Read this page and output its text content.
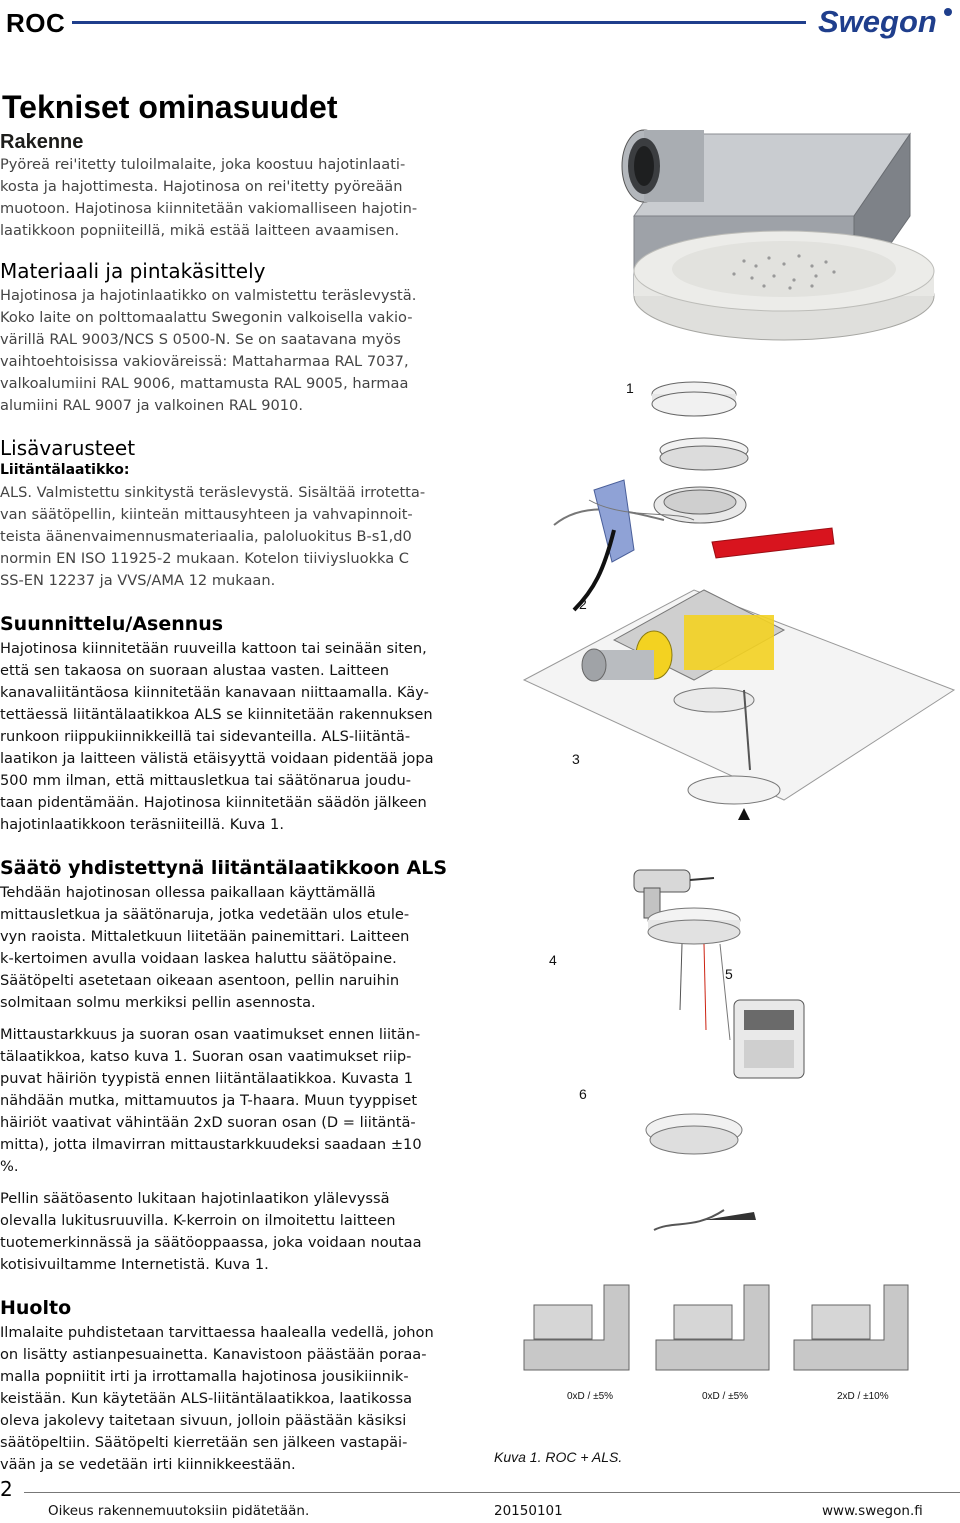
ROC	Swegon
Tekniset ominasuudet
Rakenne
Pyöreä rei'itetty tuloilmalaite, joka koostuu hajotinlaati-
kosta ja hajottimesta. Hajotinosa on rei'itetty pyöreään
muotoon. Hajotinosa kiinnitetään vakiomalliseen hajotin-
laatikkoon popniiteillä, mikä estää laitteen avaamisen.
Materiaali ja pintakäsittely
Hajotinosa ja hajotinlaatikko on valmistettu teräslevystä.
Koko laite on polttomaalattu Swegonin valkoisella vakio-
värillä RAL 9003/NCS S 0500-N. Se on saatavana myös
vaihtoehtoisissa vakioväreissä: Mattaharmaa RAL 7037,
valkoalumiini RAL 9006, mattamusta RAL 9005, harmaa
alumiini RAL 9007 ja valkoinen RAL 9010.
Lisävarusteet
Liitäntälaatikko:
ALS. Valmistettu sinkitystä teräslevystä. Sisältää irrotetta-
van säätöpellin, kiinteän mittausyhteen ja vahvapinnoit-
teista äänenvaimennusmateriaalia, paloluokitus B-s1,d0
normin EN ISO 11925-2 mukaan. Kotelon tiiviysluokka C
SS-EN 12237 ja VVS/AMA 12 mukaan.
Suunnittelu/Asennus
Hajotinosa kiinnitetään ruuveilla kattoon tai seinään siten,
että sen takaosa on suoraan alustaa vasten. Laitteen
kanavaliitäntäosa kiinnitetään kanavaan niittaamalla. Käy-
tettäessä liitäntälaatikkoa ALS se kiinnitetään rakennuksen
runkoon riippukiinnikkeillä tai sidevanteilla. ALS-liitäntä-
laatikon ja laitteen välistä etäisyyttä voidaan pidentää jopa
500 mm ilman, että mittausletkua tai säätönarua joudu-
taan pidentämään. Hajotinosa kiinnitetään säädön jälkeen
hajotinlaatikkoon teräsniiteillä. Kuva 1.
Säätö yhdistettynä liitäntälaatikkoon ALS
Tehdään hajotinosan ollessa paikallaan käyttämällä
mittausletkua ja säätönaruja, jotka vedetään ulos etule-
vyn raoista. Mittaletkuun liitetään painemittari. Laitteen
k-kertoimen avulla voidaan laskea haluttu säätöpaine.
Säätöpelti asetetaan oikeaan asentoon, pellin naruihin
solmitaan solmu merkiksi pellin asennosta.
Mittaustarkkuus ja suoran osan vaatimukset ennen liitän-
tälaatikkoa, katso kuva 1. Suoran osan vaatimukset riip-
puvat häiriön tyypistä ennen liitäntälaatikkoa. Kuvasta 1
nähdään mutka, mittamuutos ja T-haara. Muun tyyppiset
häiriöt vaativat vähintään 2xD suoran osan (D = liitäntä-
mitta), jotta ilmavirran mittaustarkkuudeksi saadaan ±10
%.
Pellin säätöasento lukitaan hajotinlaatikon ylälevyssä
olevalla lukitusruuvilla. K-kerroin on ilmoitettu laitteen
tuotemerkinnässä ja säätöoppaassa, joka voidaan noutaa
kotisivuiltamme Internetistä. Kuva 1.
Huolto
Ilmalaite puhdistetaan tarvittaessa haalealla vedellä, johon
on lisätty astianpesuainetta. Kanavistoon päästään poraa-
malla popniitit irti ja irrottamalla hajotinosa jousikiinnik-
keistään. Kun käytetään ALS-liitäntälaatikkoa, laatikossa
oleva jakolevy taitetaan sivuun, jolloin päästään käsiksi
säätöpeltiin. Säätöpelti kierretään sen jälkeen vastapäi-
vään ja se vedetään irti kiinnikkeestään.
1
2
3
4
5
6
0xD / ±5%	0xD / ±5%	2xD / ±10%
Kuva 1. ROC + ALS.
2
Oikeus rakennemuutoksiin pidätetään.	20150101	www.swegon.fi
